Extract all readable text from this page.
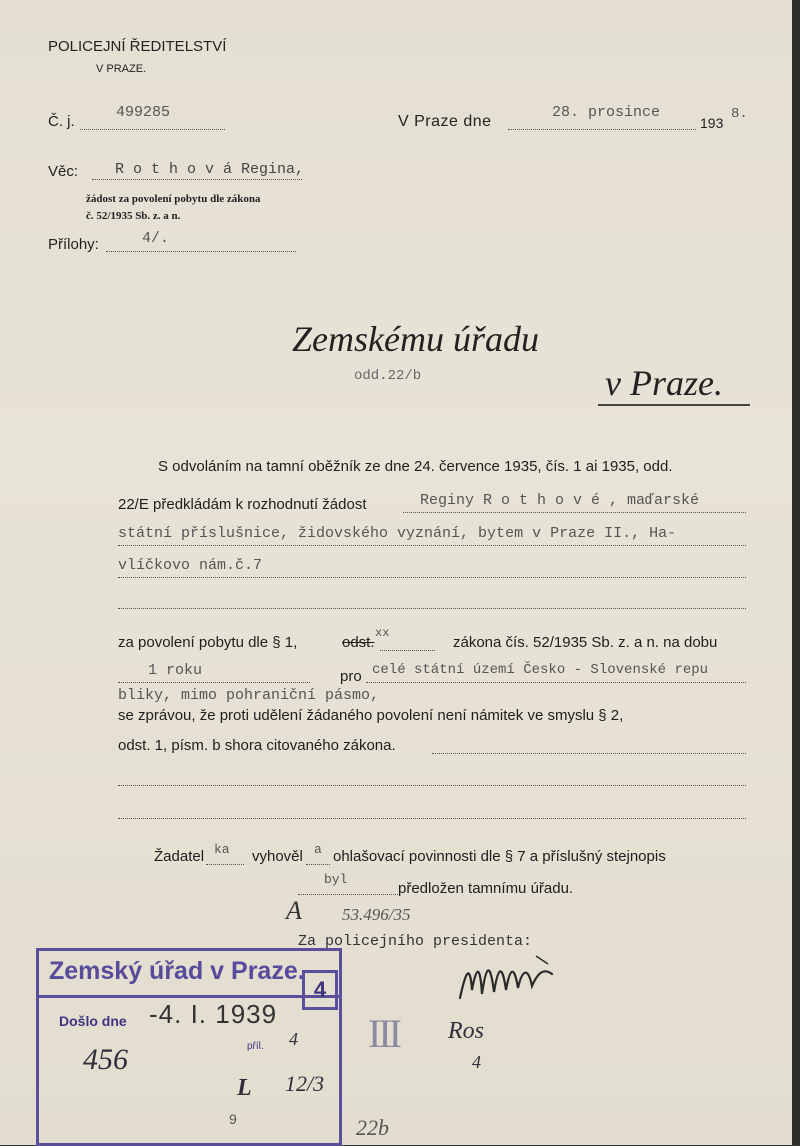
POLICEJNÍ ŘEDITELSTVÍ
V PRAZE.
Č. j.
499285
V Praze dne
28. prosince
193
8.
Věc: R o t h o v á Regina,
žádost za povolení pobytu dle zákona
č. 52/1935 Sb. z. a n.
Přílohy:	4/.
Zemskému úřadu
odd.22/b	v Praze.
S odvoláním na tamní oběžník ze dne 24. července 1935, čís. 1 ai 1935, odd.
22/E předkládám k rozhodnutí žádost	Reginy R o t h o v é , maďarské
státní příslušnice, židovského vyznání, bytem v Praze II., Ha-
vlíčkovo nám.č.7
za povolení pobytu dle § 1,	odst.
xx
zákona čís. 52/1935 Sb. z. a n. na dobu
1 roku	pro celé státní území Česko - Slovenské repu
bliky, mimo pohraniční pásmo,
se zprávou, že proti udělení žádaného povolení není námitek ve smyslu § 2,
odst. 1, písm. b shora citovaného zákona.
Žadatel ka vyhověl a ohlašovací povinnosti dle § 7 a příslušný stejnopis
byl
předložen tamnímu úřadu.
A 53.496/35
Za policejního presidenta:
Zemský úřad v Praze.
Došlo dne -4. I. 1939
456	příl. 4
L 12/3
9
4
III Ros
4
22b
